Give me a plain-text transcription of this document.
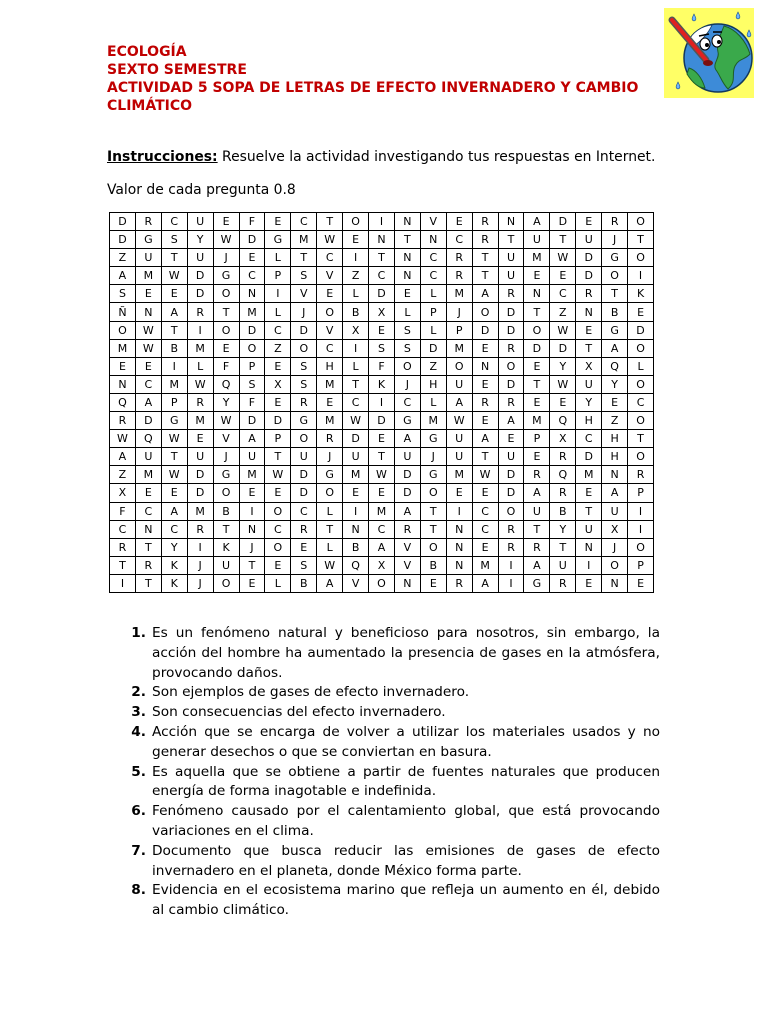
ECOLOGÍA
SEXTO SEMESTRE
ACTIVIDAD 5 SOPA DE LETRAS DE EFECTO INVERNADERO Y CAMBIO CLIMÁTICO
Instrucciones: Resuelve la actividad investigando tus respuestas en Internet.
Valor de cada pregunta 0.8
D	R	C	U	E	F	E	C	T	O	I	N	V	E	R	N	A	D	E	R	O
D	G	S	Y	W	D	G	M	W	E	N	T	N	C	R	T	U	T	U	J	T
Z	U	T	U	J	E	L	T	C	I	T	N	C	R	T	U	M	W	D	G	O
A	M	W	D	G	C	P	S	V	Z	C	N	C	R	T	U	E	E	D	O	I
S	E	E	D	O	N	I	V	E	L	D	E	L	M	A	R	N	C	R	T	K
Ñ	N	A	R	T	M	L	J	O	B	X	L	P	J	O	D	T	Z	N	B	E
O	W	T	I	O	D	C	D	V	X	E	S	L	P	D	D	O	W	E	G	D
M	W	B	M	E	O	Z	O	C	I	S	S	D	M	E	R	D	D	T	A	O
E	E	I	L	F	P	E	S	H	L	F	O	Z	O	N	O	E	Y	X	Q	L
N	C	M	W	Q	S	X	S	M	T	K	J	H	U	E	D	T	W	U	Y	O
Q	A	P	R	Y	F	E	R	E	C	I	C	L	A	R	R	E	E	Y	E	C
R	D	G	M	W	D	D	G	M	W	D	G	M	W	E	A	M	Q	H	Z	O
W	Q	W	E	V	A	P	O	R	D	E	A	G	U	A	E	P	X	C	H	T
A	U	T	U	J	U	T	U	J	U	T	U	J	U	T	U	E	R	D	H	O
Z	M	W	D	G	M	W	D	G	M	W	D	G	M	W	D	R	Q	M	N	R
X	E	E	D	O	E	E	D	O	E	E	D	O	E	E	D	A	R	E	A	P
F	C	A	M	B	I	O	C	L	I	M	A	T	I	C	O	U	B	T	U	I
C	N	C	R	T	N	C	R	T	N	C	R	T	N	C	R	T	Y	U	X	I
R	T	Y	I	K	J	O	E	L	B	A	V	O	N	E	R	R	T	N	J	O
T	R	K	J	U	T	E	S	W	Q	X	V	B	N	M	I	A	U	I	O	P
I	T	K	J	O	E	L	B	A	V	O	N	E	R	A	I	G	R	E	N	E
1. Es un fenómeno natural y beneficioso para nosotros, sin embargo, la acción del hombre ha aumentado la presencia de gases en la atmósfera, provocando daños.
2. Son ejemplos de gases de efecto invernadero.
3. Son consecuencias del efecto invernadero.
4. Acción que se encarga de volver a utilizar los materiales usados y no generar desechos o que se conviertan en basura.
5. Es aquella que se obtiene a partir de fuentes naturales que producen energía de forma inagotable e indefinida.
6. Fenómeno causado por el calentamiento global, que está provocando variaciones en el clima.
7. Documento que busca reducir las emisiones de gases de efecto invernadero en el planeta, donde México forma parte.
8. Evidencia en el ecosistema marino que refleja un aumento en él, debido al cambio climático.
